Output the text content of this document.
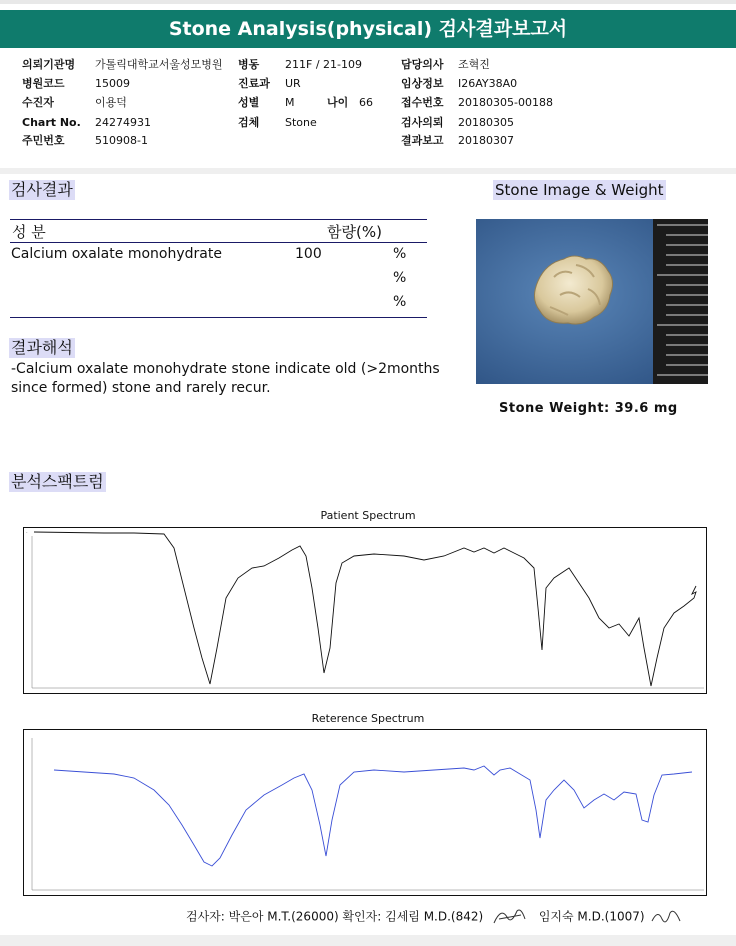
Stone Analysis(physical) 검사결과보고서
의뢰기관명 가톨릭대학교서울성모병원
병원코드	15009
수진자	이용덕
Chart No. 24274931
주민번호	510908-1
병동 211F / 21-109
진료과 UR
성별 M	나이 66
검체 Stone
담당의사 조혁진
임상정보 I26AY38A0
접수번호 20180305-00188
검사의뢰 20180305
결과보고 20180307
검사결과
성 분	함량(%)
Calcium oxalate monohydrate	100	%
%
%
결과해석
-Calcium oxalate monohydrate stone indicate old (>2months
since formed) stone and rarely recur.
Stone Image & Weight
Stone Weight: 39.6 mg
분석스팩트럼
Patient Spectrum
-
Reterence Spectrum
검사자: 박은아 M.T.(26000) 확인자: 김세림 M.D.(842)	임지숙 M.D.(1007)
